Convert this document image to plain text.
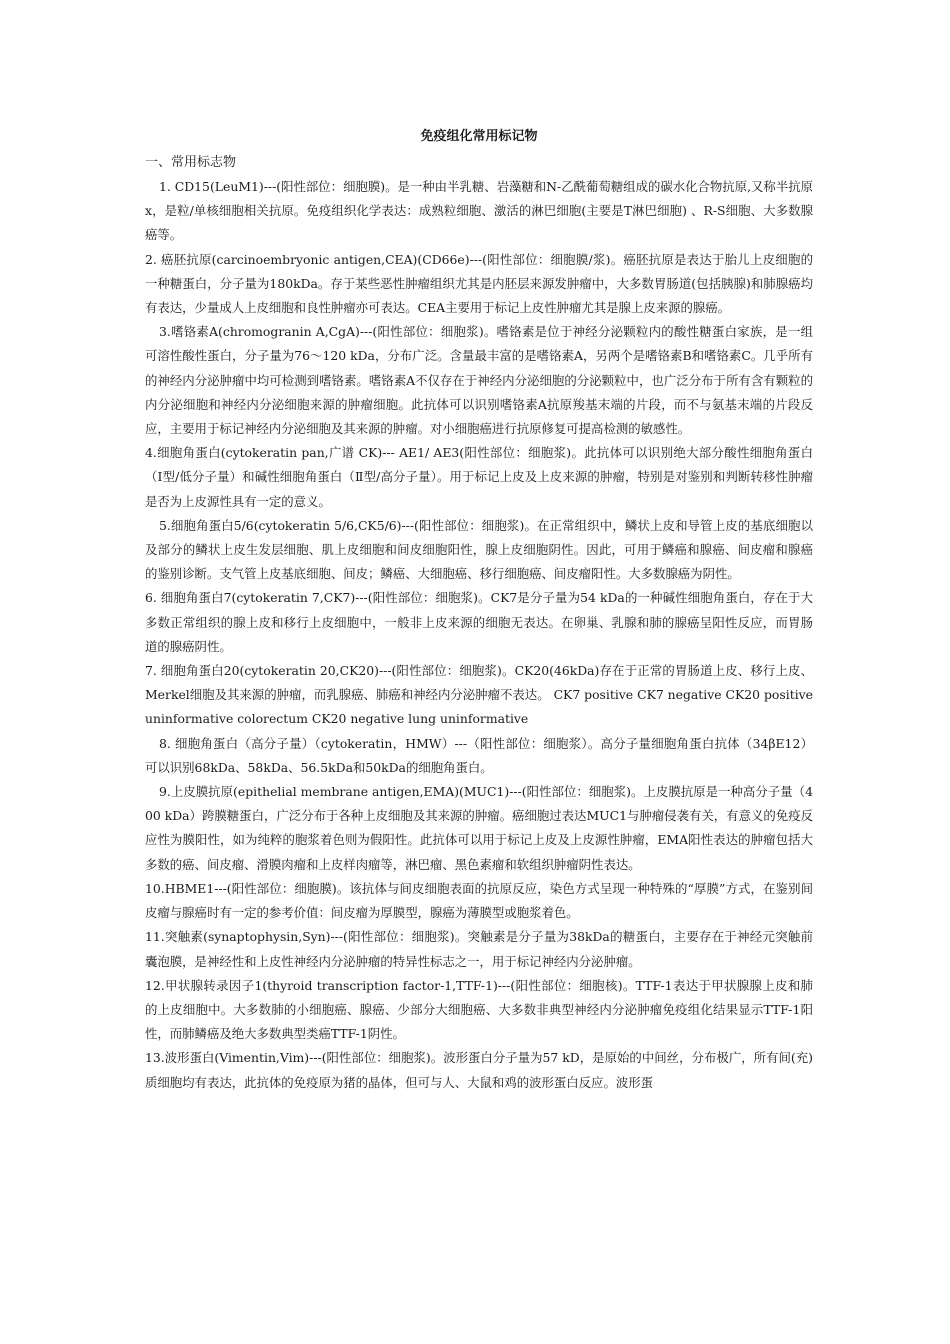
免疫组化常用标记物
一、常用标志物

1. CD15(LeuM1)---(阳性部位：细胞膜)。是一种由半乳糖、岩藻糖和N-乙酰葡萄糖组成的碳水化合物抗原,又称半抗原 x，是粒/单核细胞相关抗原。免疫组织化学表达：成熟粒细胞、激活的淋巴细胞(主要是T淋巴细胞) 、R-S细胞、大多数腺癌等。

2. 癌胚抗原(carcinoembryonic antigen,CEA)(CD66e)---(阳性部位：细胞膜/浆)。癌胚抗原是表达于胎儿上皮细胞的一种糖蛋白，分子量为180kDa。存于某些恶性肿瘤组织尤其是内胚层来源发肿瘤中，大多数胃肠道(包括胰腺)和肺腺癌均有表达，少量成人上皮细胞和良性肿瘤亦可表达。CEA主要用于标记上皮性肿瘤尤其是腺上皮来源的腺癌。

3.嗜铬素A(chromogranin A,CgA)---(阳性部位：细胞浆)。嗜铬素是位于神经分泌颗粒内的酸性糖蛋白家族，是一组可溶性酸性蛋白，分子量为76～120 kDa，分布广泛。含量最丰富的是嗜铬素A，另两个是嗜铬素B和嗜铬素C。几乎所有的神经内分泌肿瘤中均可检测到嗜铬素。嗜铬素A不仅存在于神经内分泌细胞的分泌颗粒中，也广泛分布于所有含有颗粒的内分泌细胞和神经内分泌细胞来源的肿瘤细胞。此抗体可以识别嗜铬素A抗原羧基末端的片段，而不与氨基末端的片段反应，主要用于标记神经内分泌细胞及其来源的肿瘤。对小细胞癌进行抗原修复可提高检测的敏感性。

4.细胞角蛋白(cytokeratin pan,广谱 CK)--- AE1/ AE3(阳性部位：细胞浆)。此抗体可以识别绝大部分酸性细胞角蛋白（Ⅰ型/低分子量）和碱性细胞角蛋白（Ⅱ型/高分子量）。用于标记上皮及上皮来源的肿瘤，特别是对鉴别和判断转移性肿瘤是否为上皮源性具有一定的意义。

5.细胞角蛋白5/6(cytokeratin 5/6,CK5/6)---(阳性部位：细胞浆)。在正常组织中，鳞状上皮和导管上皮的基底细胞以及部分的鳞状上皮生发层细胞、肌上皮细胞和间皮细胞阳性，腺上皮细胞阴性。因此，可用于鳞癌和腺癌、间皮瘤和腺癌的鉴别诊断。支气管上皮基底细胞、间皮；鳞癌、大细胞癌、移行细胞癌、间皮瘤阳性。大多数腺癌为阴性。

6. 细胞角蛋白7(cytokeratin 7,CK7)---(阳性部位：细胞浆)。CK7是分子量为54 kDa的一种碱性细胞角蛋白，存在于大多数正常组织的腺上皮和移行上皮细胞中，一般非上皮来源的细胞无表达。在卵巢、乳腺和肺的腺癌呈阳性反应，而胃肠道的腺癌阴性。

7. 细胞角蛋白20(cytokeratin 20,CK20)---(阳性部位：细胞浆)。CK20(46kDa)存在于正常的胃肠道上皮、移行上皮、Merkel细胞及其来源的肿瘤，而乳腺癌、肺癌和神经内分泌肿瘤不表达。 CK7 positive CK7 negative CK20 positive uninformative colorectum CK20 negative lung uninformative

8. 细胞角蛋白（高分子量）（cytokeratin，HMW）---（阳性部位：细胞浆）。高分子量细胞角蛋白抗体（34βE12）可以识别68kDa、58kDa、56.5kDa和50kDa的细胞角蛋白。

9.上皮膜抗原(epithelial membrane antigen,EMA)(MUC1)---(阳性部位：细胞浆)。上皮膜抗原是一种高分子量（400 kDa）跨膜糖蛋白，广泛分布于各种上皮细胞及其来源的肿瘤。癌细胞过表达MUC1与肿瘤侵袭有关，有意义的免疫反应性为膜阳性，如为纯粹的胞浆着色则为假阳性。此抗体可以用于标记上皮及上皮源性肿瘤，EMA阳性表达的肿瘤包括大多数的癌、间皮瘤、滑膜肉瘤和上皮样肉瘤等，淋巴瘤、黑色素瘤和软组织肿瘤阴性表达。

10.HBME1---(阳性部位：细胞膜)。该抗体与间皮细胞表面的抗原反应，染色方式呈现一种特殊的“厚膜”方式，在鉴别间皮瘤与腺癌时有一定的参考价值：间皮瘤为厚膜型，腺癌为薄膜型或胞浆着色。

11.突触素(synaptophysin,Syn)---(阳性部位：细胞浆)。突触素是分子量为38kDa的糖蛋白，主要存在于神经元突触前囊泡膜，是神经性和上皮性神经内分泌肿瘤的特异性标志之一，用于标记神经内分泌肿瘤。

12.甲状腺转录因子1(thyroid transcription factor-1,TTF-1)---(阳性部位：细胞核)。TTF-1表达于甲状腺腺上皮和肺的上皮细胞中。大多数肺的小细胞癌、腺癌、少部分大细胞癌、大多数非典型神经内分泌肿瘤免疫组化结果显示TTF-1阳性，而肺鳞癌及绝大多数典型类癌TTF-1阴性。

13.波形蛋白(Vimentin,Vim)---(阳性部位：细胞浆)。波形蛋白分子量为57 kD，是原始的中间丝，分布极广，所有间(充)质细胞均有表达，此抗体的免疫原为猪的晶体，但可与人、大鼠和鸡的波形蛋白反应。波形蛋
